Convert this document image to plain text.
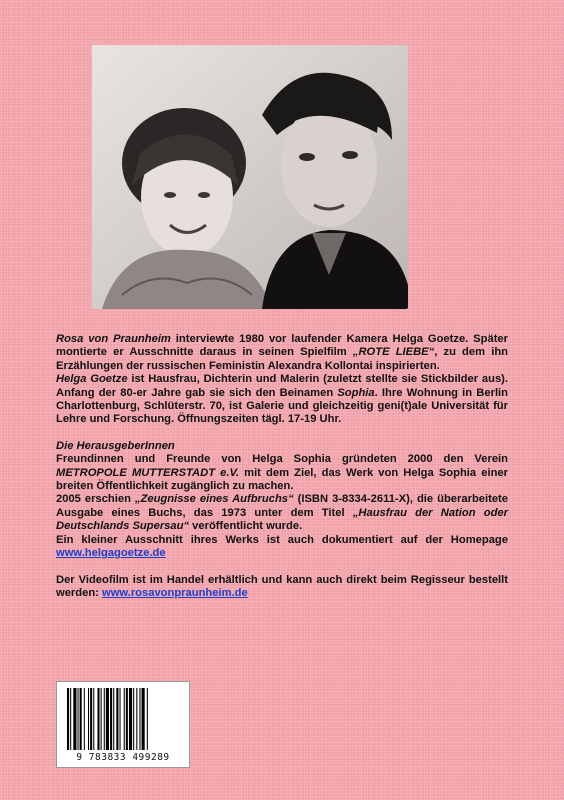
Rosa von Praunheim interviewte 1980 vor laufender Kamera Helga Goetze. Später montierte er Ausschnitte daraus in seinen Spielfilm „ROTE LIEBE“, zu dem ihn Erzählungen der russischen Feministin Alexandra Kollontai inspirierten.

Helga Goetze ist Hausfrau, Dichterin und Malerin (zuletzt stellte sie Stickbilder aus). Anfang der 80-er Jahre gab sie sich den Beinamen Sophia. Ihre Wohnung in Berlin Charlottenburg, Schlüterstr. 70, ist Galerie und gleichzeitig geni(t)ale Universität für Lehre und Forschung. Öffnungszeiten tägl. 17-19 Uhr.

Die HerausgeberInnen

Freundinnen und Freunde von Helga Sophia gründeten 2000 den Verein METROPOLE MUTTERSTADT e.V. mit dem Ziel, das Werk von Helga Sophia einer breiten Öffentlichkeit zugänglich zu machen.

2005 erschien „Zeugnisse eines Aufbruchs“ (ISBN 3-8334-2611-X), die überarbeitete Ausgabe eines Buchs, das 1973 unter dem Titel „Hausfrau der Nation oder Deutschlands Supersau“ veröffentlicht wurde.

Ein kleiner Ausschnitt ihres Werks ist auch dokumentiert auf der Homepage www.helgagoetze.de

Der Videofilm ist im Handel erhältlich und kann auch direkt beim Regisseur bestellt werden: www.rosavonpraunheim.de

9 783833 499289
